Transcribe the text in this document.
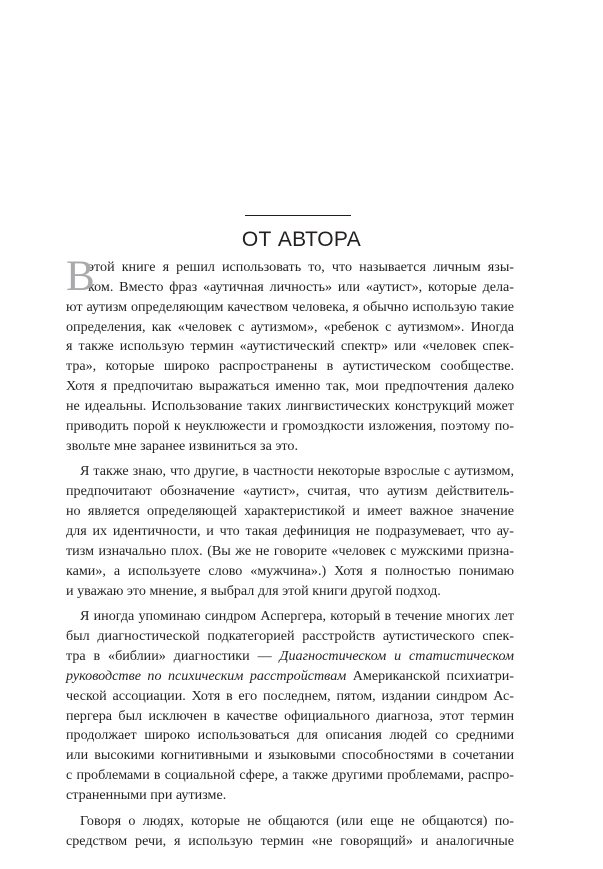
ОТ АВТОРА
В
этой книге я решил использовать то, что называется личным язы-
ком. Вместо фраз «аутичная личность» или «аутист», которые дела-
ют аутизм определяющим качеством человека, я обычно использую такие
определения, как «человек с аутизмом», «ребенок с аутизмом». Иногда
я также использую термин «аутистический спектр» или «человек спек-
тра», которые широко распространены в аутистическом сообществе.
Хотя я предпочитаю выражаться именно так, мои предпочтения далеко
не идеальны. Использование таких лингвистических конструкций может
приводить порой к неуклюжести и громоздкости изложения, поэтому по-
звольте мне заранее извиниться за это.
Я также знаю, что другие, в частности некоторые взрослые с аутизмом,
предпочитают обозначение «аутист», считая, что аутизм действитель-
но является определяющей характеристикой и имеет важное значение
для их идентичности, и что такая дефиниция не подразумевает, что ау-
тизм изначально плох. (Вы же не говорите «человек с мужскими призна-
ками», а используете слово «мужчина».) Хотя я полностью понимаю
и уважаю это мнение, я выбрал для этой книги другой подход.
Я иногда упоминаю синдром Аспергера, который в течение многих лет
был диагностической подкатегорией расстройств аутистического спек-
тра в «библии» диагностики — Диагностическом и статистическом
руководстве по психическим расстройствам Американской психиатри-
ческой ассоциации. Хотя в его последнем, пятом, издании синдром Ас-
пергера был исключен в качестве официального диагноза, этот термин
продолжает широко использоваться для описания людей со средними
или высокими когнитивными и языковыми способностями в сочетании
с проблемами в социальной сфере, а также другими проблемами, распро-
страненными при аутизме.
Говоря о людях, которые не общаются (или еще не общаются) по-
средством речи, я использую термин «не говорящий» и аналогичные
